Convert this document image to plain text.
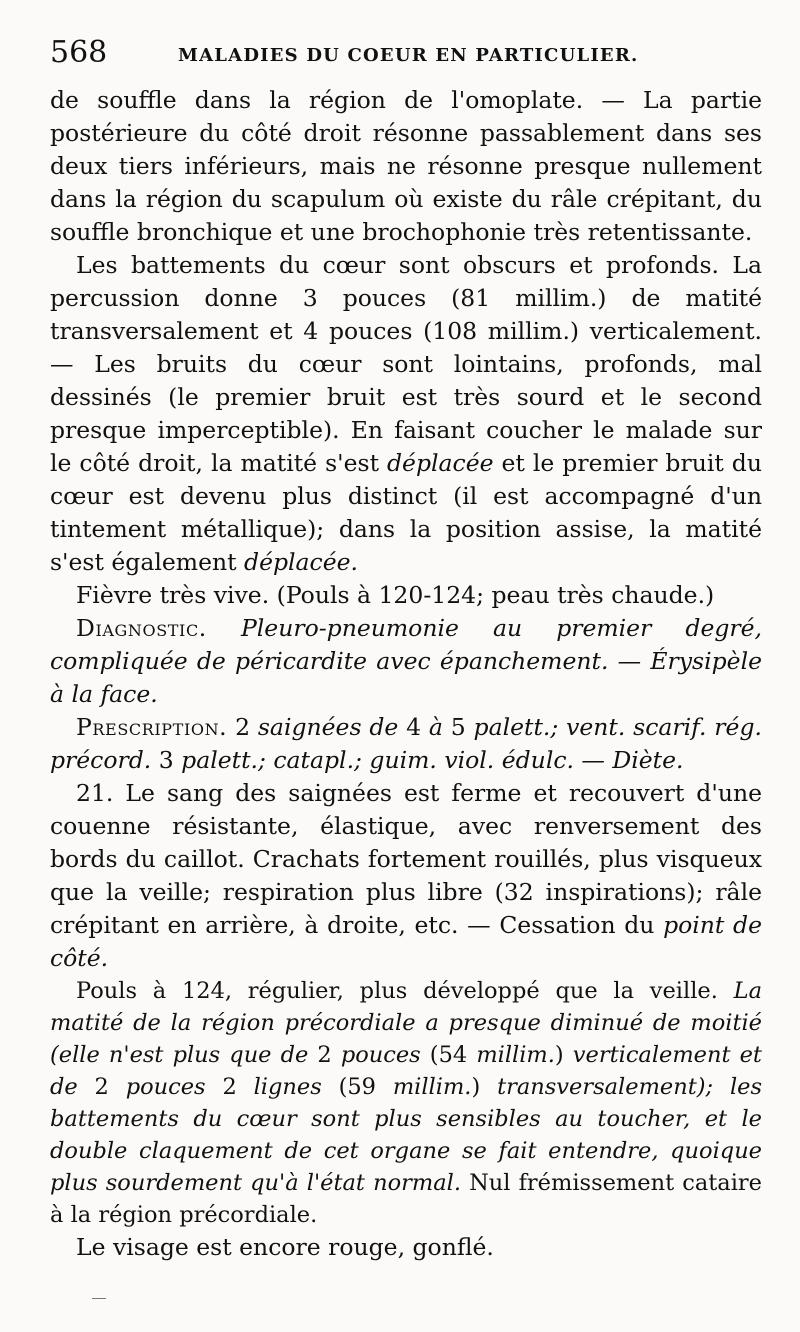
568	MALADIES DU COEUR EN PARTICULIER.

de souffle dans la région de l'omoplate. — La partie postérieure du côté droit résonne passablement dans ses deux tiers inférieurs, mais ne résonne presque nullement dans la région du scapulum où existe du râle crépitant, du souffle bronchique et une brochophonie très retentissante.

Les battements du cœur sont obscurs et profonds. La percussion donne 3 pouces (81 millim.) de matité transversalement et 4 pouces (108 millim.) verticalement. — Les bruits du cœur sont lointains, profonds, mal dessinés (le premier bruit est très sourd et le second presque imperceptible). En faisant coucher le malade sur le côté droit, la matité s'est déplacée et le premier bruit du cœur est devenu plus distinct (il est accompagné d'un tintement métallique); dans la position assise, la matité s'est également déplacée.

Fièvre très vive. (Pouls à 120-124; peau très chaude.)

Diagnostic. Pleuro-pneumonie au premier degré, compliquée de péricardite avec épanchement. — Érysipèle à la face.

Prescription. 2 saignées de 4 à 5 palett.; vent. scarif. rég. précord. 3 palett.; catapl.; guim. viol. édulc. — Diète.

21. Le sang des saignées est ferme et recouvert d'une couenne résistante, élastique, avec renversement des bords du caillot. Crachats fortement rouillés, plus visqueux que la veille; respiration plus libre (32 inspirations); râle crépitant en arrière, à droite, etc. — Cessation du point de côté.

Pouls à 124, régulier, plus développé que la veille. La matité de la région précordiale a presque diminué de moitié (elle n'est plus que de 2 pouces (54 millim.) verticalement et de 2 pouces 2 lignes (59 millim.) transversalement); les battements du cœur sont plus sensibles au toucher, et le double claquement de cet organe se fait entendre, quoique plus sourdement qu'à l'état normal. Nul frémissement cataire à la région précordiale.

Le visage est encore rouge, gonflé.
